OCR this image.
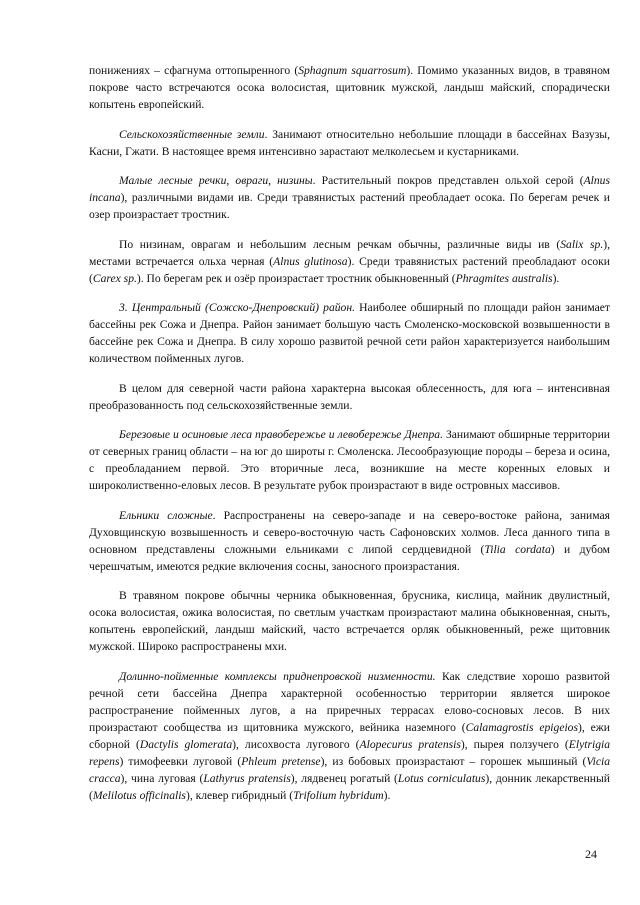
понижениях – сфагнума оттопыренного (Sphagnum squarrosum). Помимо указанных видов, в травяном покрове часто встречаются осока волосистая, щитовник мужской, ландыш майский, спорадически копытень европейский.

Сельскохозяйственные земли. Занимают относительно небольшие площади в бассейнах Вазузы, Касни, Гжати. В настоящее время интенсивно зарастают мелколесьем и кустарниками.

Малые лесные речки, овраги, низины. Растительный покров представлен ольхой серой (Alnus incana), различными видами ив. Среди травянистых растений преобладает осока. По берегам речек и озер произрастает тростник.

По низинам, оврагам и небольшим лесным речкам обычны, различные виды ив (Salix sp.), местами встречается ольха черная (Alnus glutinosa). Среди травянистых растений преобладают осоки (Carex sp.). По берегам рек и озёр произрастает тростник обыкновенный (Phragmites australis).

3. Центральный (Сожско-Днепровский) район. Наиболее обширный по площади район занимает бассейны рек Сожа и Днепра. Район занимает большую часть Смоленско-московской возвышенности в бассейне рек Сожа и Днепра. В силу хорошо развитой речной сети район характеризуется наибольшим количеством пойменных лугов.

В целом для северной части района характерна высокая облесенность, для юга – интенсивная преобразованность под сельскохозяйственные земли.

Березовые и осиновые леса правобережье и левобережье Днепра. Занимают обширные территории от северных границ области – на юг до широты г. Смоленска. Лесообразующие породы – береза и осина, с преобладанием первой. Это вторичные леса, возникшие на месте коренных еловых и широколиственно-еловых лесов. В результате рубок произрастают в виде островных массивов.

Ельники сложные. Распространены на северо-западе и на северо-востоке района, занимая Духовщинскую возвышенность и северо-восточную часть Сафоновских холмов. Леса данного типа в основном представлены сложными ельниками с липой сердцевидной (Tilia cordata) и дубом черешчатым, имеются редкие включения сосны, заносного произрастания.

В травяном покрове обычны черника обыкновенная, брусника, кислица, майник двулистный, осока волосистая, ожика волосистая, по светлым участкам произрастают малина обыкновенная, сныть, копытень европейский, ландыш майский, часто встречается орляк обыкновенный, реже щитовник мужской. Широко распространены мхи.

Долинно-пойменные комплексы приднепровской низменности. Как следствие хорошо развитой речной сети бассейна Днепра характерной особенностью территории является широкое распространение пойменных лугов, а на приречных террасах елово-сосновых лесов. В них произрастают сообщества из щитовника мужского, вейника наземного (Calamagrostis epigeios), ежи сборной (Dactylis glomerata), лисохвоста лугового (Alopecurus pratensis), пырея ползучего (Elytrigia repens) тимофеевки луговой (Phleum pretense), из бобовых произрастают – горошек мышиный (Vicia cracca), чина луговая (Lathyrus pratensis), лядвенец рогатый (Lotus corniculatus), донник лекарственный (Melilotus officinalis), клевер гибридный (Trifolium hybridum).

24
